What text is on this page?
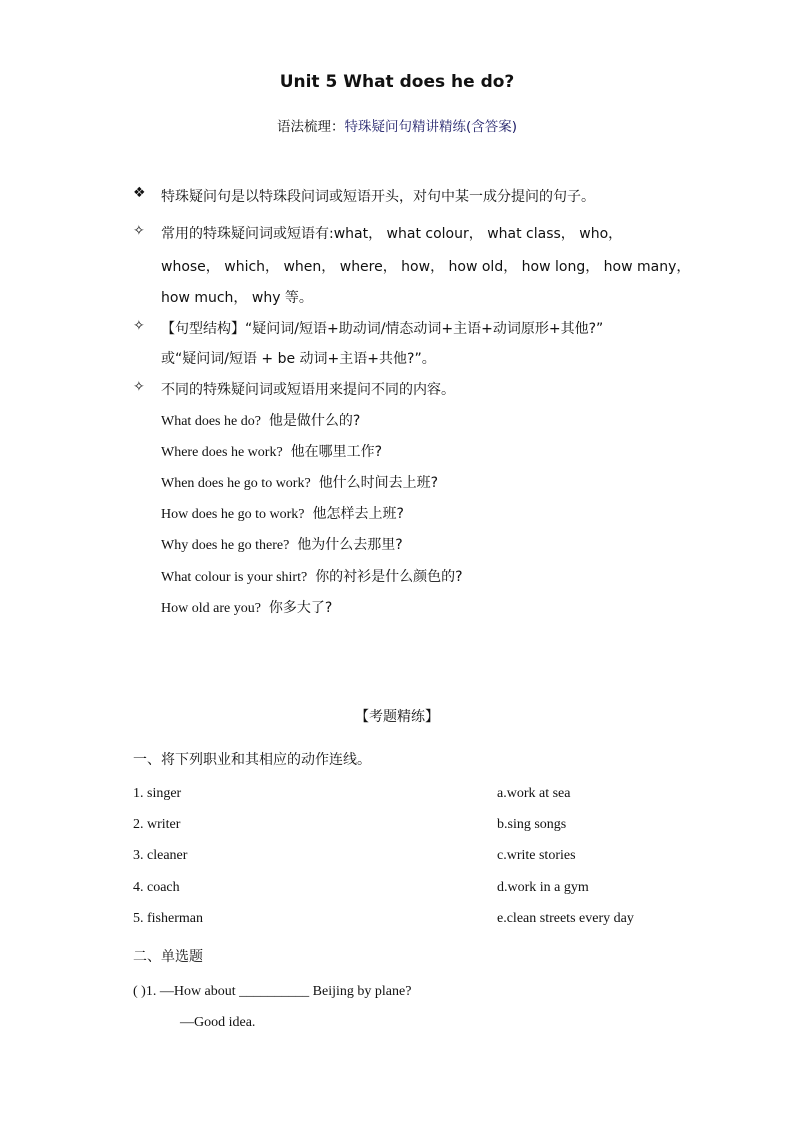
Unit 5 What does he do?
语法梳理：特珠疑问句精讲精练(含答案)
❖ 特珠疑问句是以特珠段问词或短语开头，对句中某一成分提问的句子。
✧ 常用的特珠疑问词或短语有:what， what colour， what class， who，
whose， which， when， where， how， how old， how long， how many，
how much， why 等。
✧ 【句型结构】“疑问词/短语+助动词/情态动词+主语+动词原形+其他?”
或“疑问词/短语 + be 动词+主语+共他?”。
✧ 不同的特殊疑问词或短语用来提问不同的内容。
What does he do? 他是做什么的?
Where does he work? 他在哪里工作?
When does he go to work? 他什么时间去上班?
How does he go to work? 他怎样去上班?
Why does he go there? 他为什么去那里?
What colour is your shirt? 你的衬衫是什么颜色的?
How old are you? 你多大了?
【考题精练】
一、将下列职业和其相应的动作连线。
1. singer
2. writer
3. cleaner
4. coach
5. fisherman
a.work at sea
b.sing songs
c.write stories
d.work in a gym
e.clean streets every day
二、单选题
( )1. —How about __________ Beijing by plane?
—Good idea.
